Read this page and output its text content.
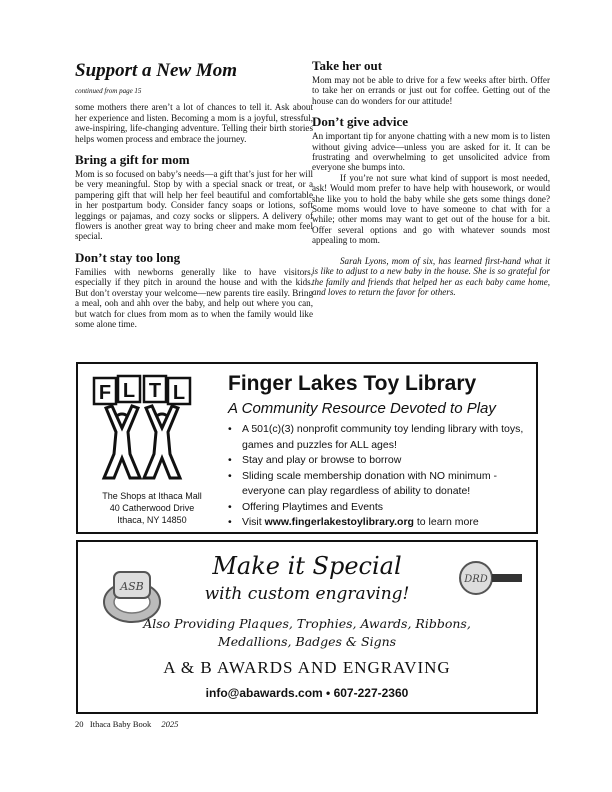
Support a New Mom
continued from page 15

some mothers there aren’t a lot of chances to tell it. Ask about her experience and listen. Becoming a mom is a joyful, stressful, awe-inspiring, life-changing adventure. Telling their birth stories helps women process and embrace the journey.

Bring a gift for mom

Mom is so focused on baby’s needs—a gift that’s just for her will be very meaningful. Stop by with a special snack or treat, or a pampering gift that will help her feel beautiful and comfortable in her postpartum body. Consider fancy soaps or lotions, soft leggings or pajamas, and cozy socks or slippers. A delivery of flowers is another great way to bring cheer and make mom feel special.

Don’t stay too long

Families with newborns generally like to have visitors, especially if they pitch in around the house and with the kids. But don’t overstay your welcome—new parents tire easily. Bring a meal, ooh and ahh over the baby, and help out where you can, but watch for clues from mom as to when the family would like some alone time.

Take her out

Mom may not be able to drive for a few weeks after birth. Offer to take her on errands or just out for coffee. Getting out of the house can do wonders for our attitude!

Don’t give advice

An important tip for anyone chatting with a new mom is to listen without giving advice—unless you are asked for it. It can be frustrating and overwhelming to get unsolicited advice from everyone she bumps into.

If you’re not sure what kind of support is most needed, ask! Would mom prefer to have help with housework, or would she like you to hold the baby while she gets some things done? Some moms would love to have someone to chat with for a while; other moms may want to get out of the house for a bit. Offer several options and go with whatever sounds most appealing to mom.

Sarah Lyons, mom of six, has learned first-hand what it is like to adjust to a new baby in the house. She is so grateful for the family and friends that helped her as each baby came home, and loves to return the favor for others.

F L T L
The Shops at Ithaca Mall
40 Catherwood Drive
Ithaca, NY 14850
Finger Lakes Toy Library
A Community Resource Devoted to Play
• A 501(c)(3) nonprofit community toy lending library with toys, games and puzzles for ALL ages!
• Stay and play or browse to borrow
• Sliding scale membership donation with NO minimum - everyone can play regardless of ability to donate!
• Offering Playtimes and Events
• Visit www.fingerlakestoylibrary.org to learn more
ASB
Make it Special
with custom engraving!
DRD
Also Providing Plaques, Trophies, Awards, Ribbons,
Medallions, Badges & Signs
A & B AWARDS AND ENGRAVING
info@abawards.com • 607-227-2360
20 Ithaca Baby Book 2025
